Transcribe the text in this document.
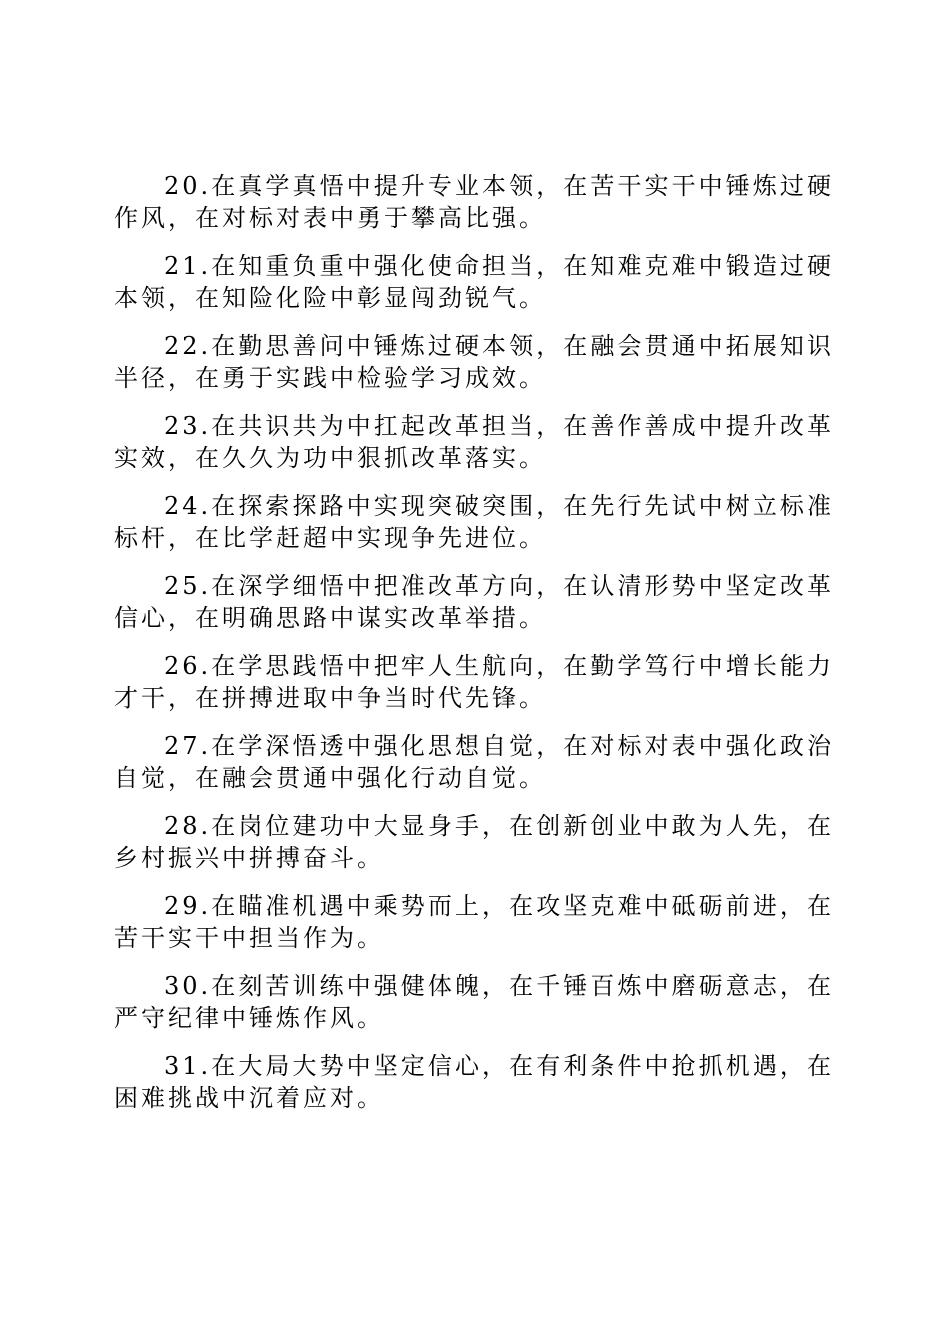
20.在真学真悟中提升专业本领，在苦干实干中锤炼过硬作风，在对标对表中勇于攀高比强。

21.在知重负重中强化使命担当，在知难克难中锻造过硬本领，在知险化险中彰显闯劲锐气。

22.在勤思善问中锤炼过硬本领，在融会贯通中拓展知识半径，在勇于实践中检验学习成效。

23.在共识共为中扛起改革担当，在善作善成中提升改革实效，在久久为功中狠抓改革落实。

24.在探索探路中实现突破突围，在先行先试中树立标准标杆，在比学赶超中实现争先进位。

25.在深学细悟中把准改革方向，在认清形势中坚定改革信心，在明确思路中谋实改革举措。

26.在学思践悟中把牢人生航向，在勤学笃行中增长能力才干，在拼搏进取中争当时代先锋。

27.在学深悟透中强化思想自觉，在对标对表中强化政治自觉，在融会贯通中强化行动自觉。

28.在岗位建功中大显身手，在创新创业中敢为人先，在乡村振兴中拼搏奋斗。

29.在瞄准机遇中乘势而上，在攻坚克难中砥砺前进，在苦干实干中担当作为。

30.在刻苦训练中强健体魄，在千锤百炼中磨砺意志，在严守纪律中锤炼作风。

31.在大局大势中坚定信心，在有利条件中抢抓机遇，在困难挑战中沉着应对。
